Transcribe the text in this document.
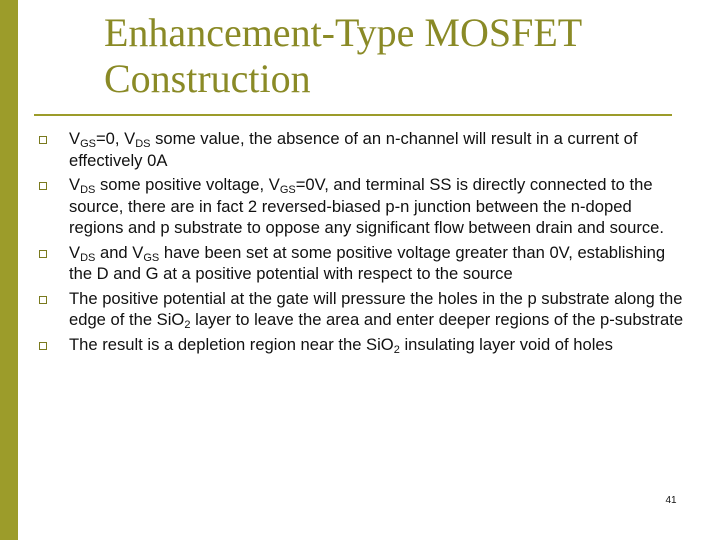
Enhancement-Type MOSFET
Construction
VGS=0, VDS some value, the absence of an n-channel will result in a current of effectively 0A
VDS some positive voltage, VGS=0V, and terminal SS is directly connected to the source, there are in fact 2 reversed-biased p-n junction between the n-doped regions and p substrate to oppose any significant flow between drain and source.
VDS and VGS have been set at some positive voltage greater than 0V, establishing the D and G at a positive potential with respect to the source
The positive potential at the gate will pressure the holes in the p substrate along the edge of the SiO2 layer to leave the area and enter deeper regions of the p-substrate
The result is a depletion region near the SiO2 insulating layer void of holes
41
